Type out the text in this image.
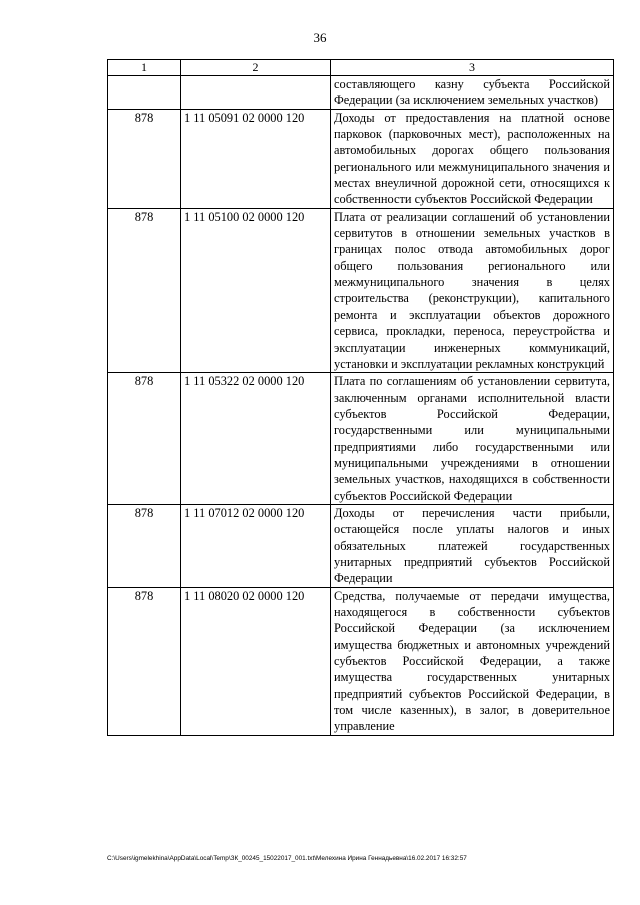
36
1	2	3
		составляющего казну субъекта Российской Федерации (за исключением земельных участков)
878	1 11 05091 02 0000 120	Доходы от предоставления на платной основе парковок (парковочных мест), расположенных на автомобильных дорогах общего пользования регионального или межмуниципального значения и местах внеуличной дорожной сети, относящихся к собственности субъектов Российской Федерации
878	1 11 05100 02 0000 120	Плата от реализации соглашений об установлении сервитутов в отношении земельных участков в границах полос отвода автомобильных дорог общего пользования регионального или межмуниципального значения в целях строительства (реконструкции), капитального ремонта и эксплуатации объектов дорожного сервиса, прокладки, переноса, переустройства и эксплуатации инженерных коммуникаций, установки и эксплуатации рекламных конструкций
878	1 11 05322 02 0000 120	Плата по соглашениям об установлении сервитута, заключенным органами исполнительной власти субъектов Российской Федерации, государственными или муниципальными предприятиями либо государственными или муниципальными учреждениями в отношении земельных участков, находящихся в собственности субъектов Российской Федерации
878	1 11 07012 02 0000 120	Доходы от перечисления части прибыли, остающейся после уплаты налогов и иных обязательных платежей государственных унитарных предприятий субъектов Российской Федерации
878	1 11 08020 02 0000 120	Средства, получаемые от передачи имущества, находящегося в собственности субъектов Российской Федерации (за исключением имущества бюджетных и автономных учреждений субъектов Российской Федерации, а также имущества государственных унитарных предприятий субъектов Российской Федерации, в том числе казенных), в залог, в доверительное управление
C:\Users\igmelekhina\AppData\Local\Temp\ЗК_00245_15022017_001.txt\Мелехина Ирина Геннадьевна\16.02.2017 16:32:57
